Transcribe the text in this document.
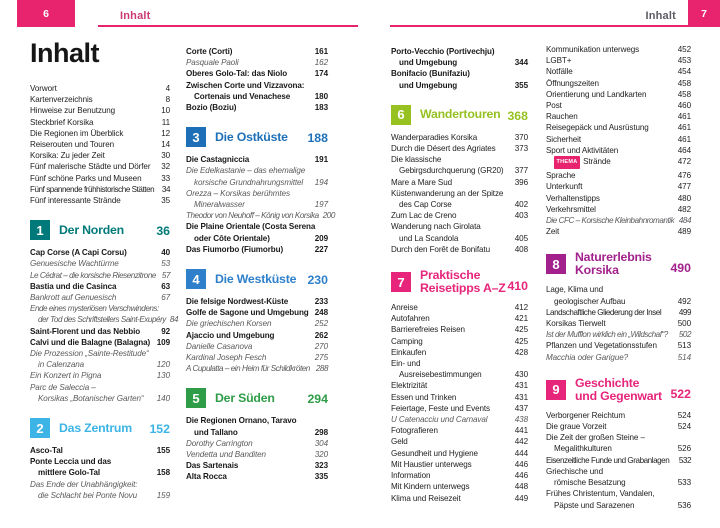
6	Inhalt	Inhalt 7
Inhalt
Vorwort	4
Kartenverzeichnis	8
Hinweise zur Benutzung	10
Steckbrief Korsika	11
Die Regionen im Überblick	12
Reiserouten und Touren	14
Korsika: Zu jeder Zeit	30
Fünf malerische Städte und Dörfer	32
Fünf schöne Parks und Museen	33
Fünf spannende frühhistorische Stätten 34
Fünf interessante Strände	35
1	Der Norden	36
Cap Corse (A Capi Corsu)	40
Genuesische Wachtürme	53
Le Cédrat – die korsische Riesenzitrone 57
Bastia und die Casinca	63
Bankrott auf Genuesisch	67
Ende eines mysteriösen Verschwindens:
der Tod des Schriftstellers Saint-Exupéry 84
Saint-Florent und das Nebbio	92
Calvi und die Balagne (Balagna) 109
Die Prozession „Sainte-Restitude“
in Calenzana	120
Ein Konzert in Pigna	130
Parc de Saleccia –
Korsikas „Botanischer Garten“	140
2	Das Zentrum	152
Asco-Tal	155
Ponte Leccia und das
mittlere Golo-Tal	158
Das Ende der Unabhängigkeit:
die Schlacht bei Ponte Novu	159
Corte (Corti)	161
Pasquale Paoli	162
Oberes Golo-Tal: das Niolo	174
Zwischen Corte und Vizzavona:
Cortenais und Venachese	180
Bozio (Boziu)	183
3	Die Ostküste	188
Die Castagniccia	191
Die Edelkastanie – das ehemalige
korsische Grundnahrungsmittel	194
Orezza – Korsikas berühmtes
Mineralwasser	197
Theodor von Neuhoff – König von Korsika 200
Die Plaine Orientale (Costa Serena
oder Côte Orientale)	209
Das Fiumorbo (Fiumorbu)	227
4	Die Westküste 230
Die felsige Nordwest-Küste	233
Golfe de Sagone und Umgebung 248
Die griechischen Korsen	252
Ajaccio und Umgebung	262
Danielle Casanova	270
Kardinal Joseph Fesch	275
A Cupulatta – ein Heim für Schildkröten 288
5	Der Süden	294
Die Regionen Ornano, Taravo
und Tallano	298
Dorothy Carrington	304
Vendetta und Banditen	320
Das Sartenais	323
Alta Rocca	335
Porto-Vecchio (Portivechju)
und Umgebung	344
Bonifacio (Bunifaziu)
und Umgebung	355
6	Wandertouren 368
Wanderparadies Korsika	370
Durch die Désert des Agriates	373
Die klassische
Gebirgsdurchquerung (GR20)	377
Mare a Mare Sud	396
Küstenwanderung an der Spitze
des Cap Corse	402
Zum Lac de Creno	403
Wanderung nach Girolata
und La Scandola	405
Durch den Forêt de Bonifatu	408
7	Praktische
Reisetipps A–Z 410
Anreise	412
Autofahren	421
Barrierefreies Reisen	425
Camping	425
Einkaufen	428
Ein- und
Ausreisebestimmungen	430
Elektrizität	431
Essen und Trinken	431
Feiertage, Feste und Events	437
U Catenacciu und Carnaval	438
Fotografieren	441
Geld	442
Gesundheit und Hygiene	444
Mit Haustier unterwegs	446
Information	446
Mit Kindern unterwegs	448
Klima und Reisezeit	449
Kommunikation unterwegs	452
LGBT+	453
Notfälle	454
Öffnungszeiten	458
Orientierung und Landkarten	458
Post	460
Rauchen	461
Reisegepäck und Ausrüstung	461
Sicherheit	461
Sport und Aktivitäten	464
THEMA Strände	472
Sprache	476
Unterkunft	477
Verhaltenstipps	480
Verkehrsmittel	482
Die CFC – Korsische Kleinbahnromantik 484
Zeit	489
8	Naturerlebnis
Korsika	490
Lage, Klima und
geologischer Aufbau	492
Landschaftliche Gliederung der Insel	499
Korsikas Tierwelt	500
Ist der Mufflon wirklich ein „Wildschaf“?	502
Pflanzen und Vegetationsstufen	513
Macchia oder Garigue?	514
9	Geschichte
und Gegenwart 522
Verborgener Reichtum	524
Die graue Vorzeit	524
Die Zeit der großen Steine –
Megalithkulturen	526
Eisenzeitliche Funde und Grabanlagen	532
Griechische und
römische Besatzung	533
Frühes Christentum, Vandalen,
Päpste und Sarazenen	536
